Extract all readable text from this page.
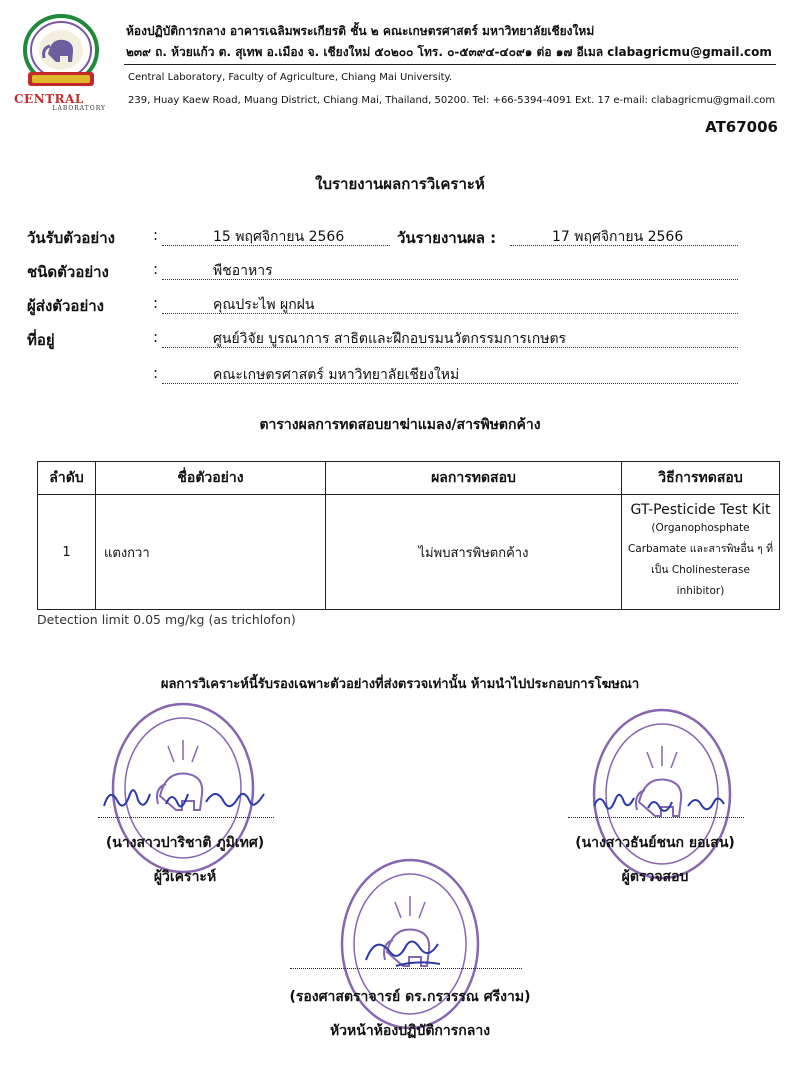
CENTRAL
LABORATORY
ห้องปฏิบัติการกลาง อาคารเฉลิมพระเกียรติ ชั้น ๒ คณะเกษตรศาสตร์ มหาวิทยาลัยเชียงใหม่
๒๓๙ ถ. ห้วยแก้ว ต. สุเทพ อ.เมือง จ. เชียงใหม่ ๕๐๒๐๐ โทร. ๐-๕๓๙๔-๔๐๙๑ ต่อ ๑๗ อีเมล clabagricmu@gmail.com
Central Laboratory, Faculty of Agriculture, Chiang Mai University.
239, Huay Kaew Road, Muang District, Chiang Mai, Thailand, 50200. Tel: +66-5394-4091 Ext. 17 e-mail: clabagricmu@gmail.com
AT67006
ใบรายงานผลการวิเคราะห์
วันรับตัวอย่าง	:	15 พฤศจิกายน 2566	วันรายงานผล :	17 พฤศจิกายน 2566
ชนิดตัวอย่าง	:	พืชอาหาร
ผู้ส่งตัวอย่าง	:	คุณประไพ ผูกฝน
ที่อยู่	:	ศูนย์วิจัย บูรณาการ สาธิตและฝึกอบรมนวัตกรรมการเกษตร
:	คณะเกษตรศาสตร์ มหาวิทยาลัยเชียงใหม่
ตารางผลการทดสอบยาฆ่าแมลง/สารพิษตกค้าง
ลำดับ	ชื่อตัวอย่าง	ผลการทดสอบ	วิธีการทดสอบ
1	แตงกวา	ไม่พบสารพิษตกค้าง	GT-Pesticide Test Kit
(Organophosphate
Carbamate และสารพิษอื่น ๆ ที่
เป็น Cholinesterase inhibitor)
Detection limit 0.05 mg/kg (as trichlofon)
ผลการวิเคราะห์นี้รับรองเฉพาะตัวอย่างที่ส่งตรวจเท่านั้น ห้ามนำไปประกอบการโฆษณา
(นางสาวปาริชาติ ภูมิเทศ)
ผู้วิเคราะห์
(นางสาวธันย์ชนก ยอเสน)
ผู้ตรวจสอบ
(รองศาสตราจารย์ ดร.กรวรรณ ศรีงาม)
หัวหน้าห้องปฏิบัติการกลาง
